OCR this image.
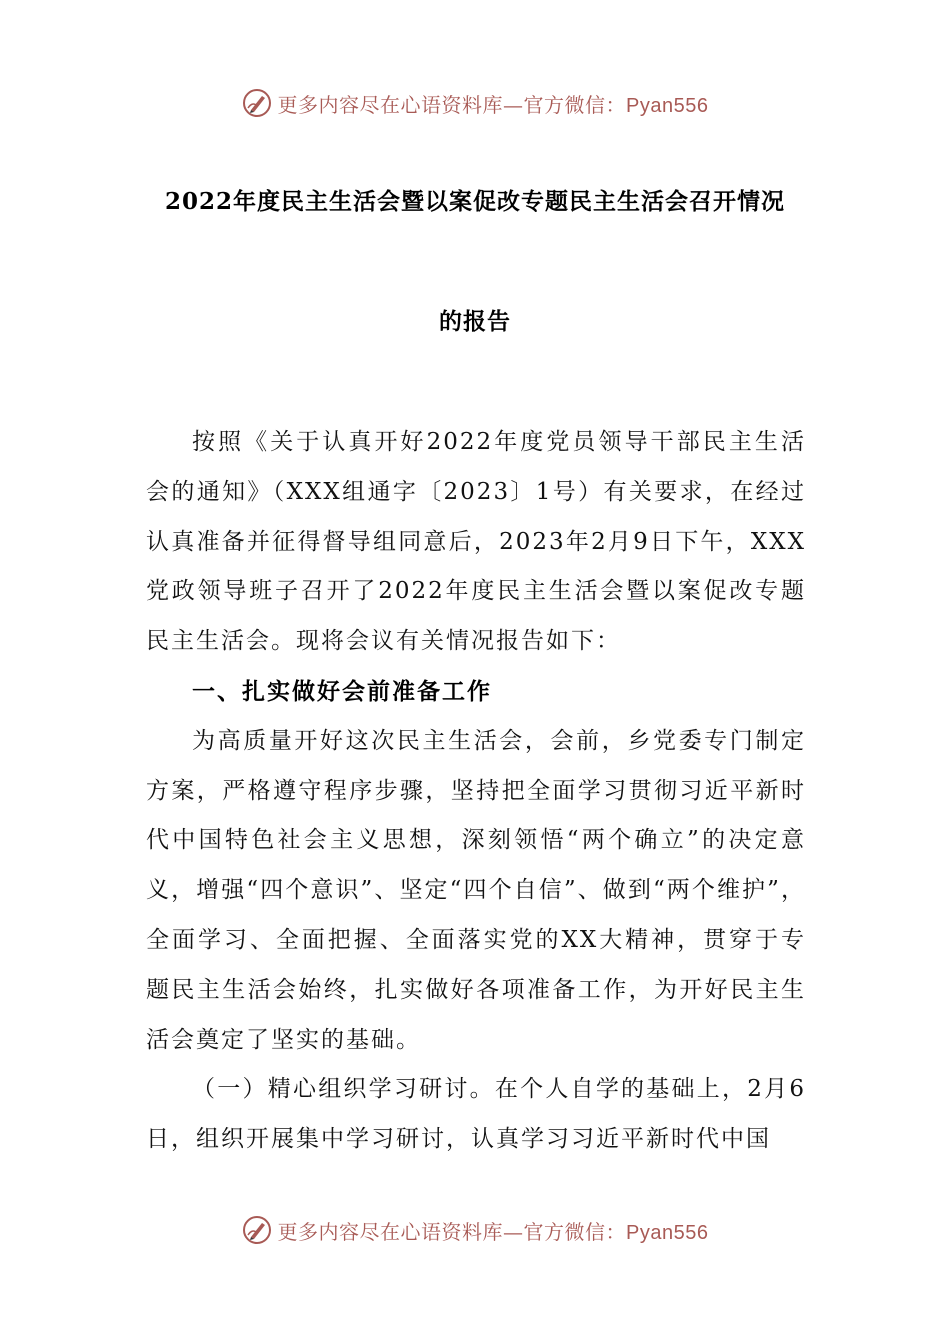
更多内容尽在心语资料库—官方微信：Pyan556
2022年度民主生活会暨以案促改专题民主生活会召开情况
的报告

按照《关于认真开好2022年度党员领导干部民主生活会的通知》（XXX组通字〔2023〕1号）有关要求，在经过认真准备并征得督导组同意后，2023年2月9日下午，XXX党政领导班子召开了2022年度民主生活会暨以案促改专题民主生活会。现将会议有关情况报告如下：

一、扎实做好会前准备工作

为高质量开好这次民主生活会，会前，乡党委专门制定方案，严格遵守程序步骤，坚持把全面学习贯彻习近平新时代中国特色社会主义思想，深刻领悟“两个确立”的决定意义，增强“四个意识”、坚定“四个自信”、做到“两个维护”，全面学习、全面把握、全面落实党的XX大精神，贯穿于专题民主生活会始终，扎实做好各项准备工作，为开好民主生活会奠定了坚实的基础。

（一）精心组织学习研讨。在个人自学的基础上，2月6日，组织开展集中学习研讨，认真学习习近平新时代中国

更多内容尽在心语资料库—官方微信：Pyan556
